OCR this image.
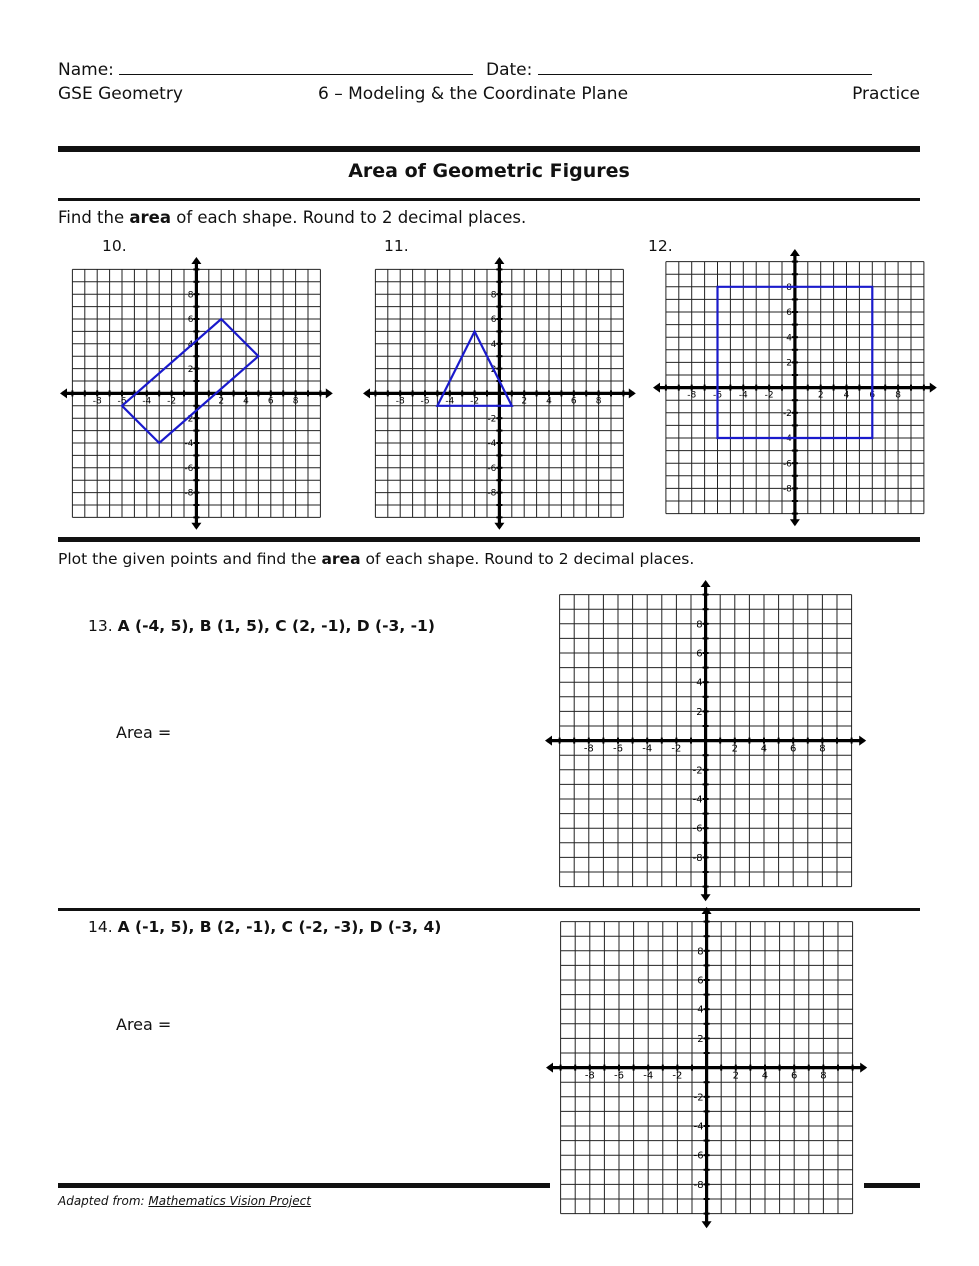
Name:	Date:
GSE Geometry	6 – Modeling & the Coordinate Plane	Practice
Area of Geometric Figures
Find the area of each shape. Round to 2 decimal places.
10.	11.	12.
-8 -6 -4 -2	2 4 6 8
8
6
4
2
-2
-4
-6
-8
-8 -6 -4 -2	2 4 6 8
8
6
4
2
-2
-4
-6
-8
-8 -6 -4 -2	2 4 6 8
8
6
4
2
-2
-4
-6
-8
Plot the given points and find the area of each shape. Round to 2 decimal places.
13. A (-4, 5), B (1, 5), C (2, -1), D (-3, -1)
Area =
-8 -6 -4 -2	2 4 6 8
8
6
4
2
-2
-4
-6
-8
14. A (-1, 5), B (2, -1), C (-2, -3), D (-3, 4)
Area =
-8 -6 -4 -2	2 4 6 8
8
6
4
2
-2
-4
-6
-8
Adapted from: Mathematics Vision Project
